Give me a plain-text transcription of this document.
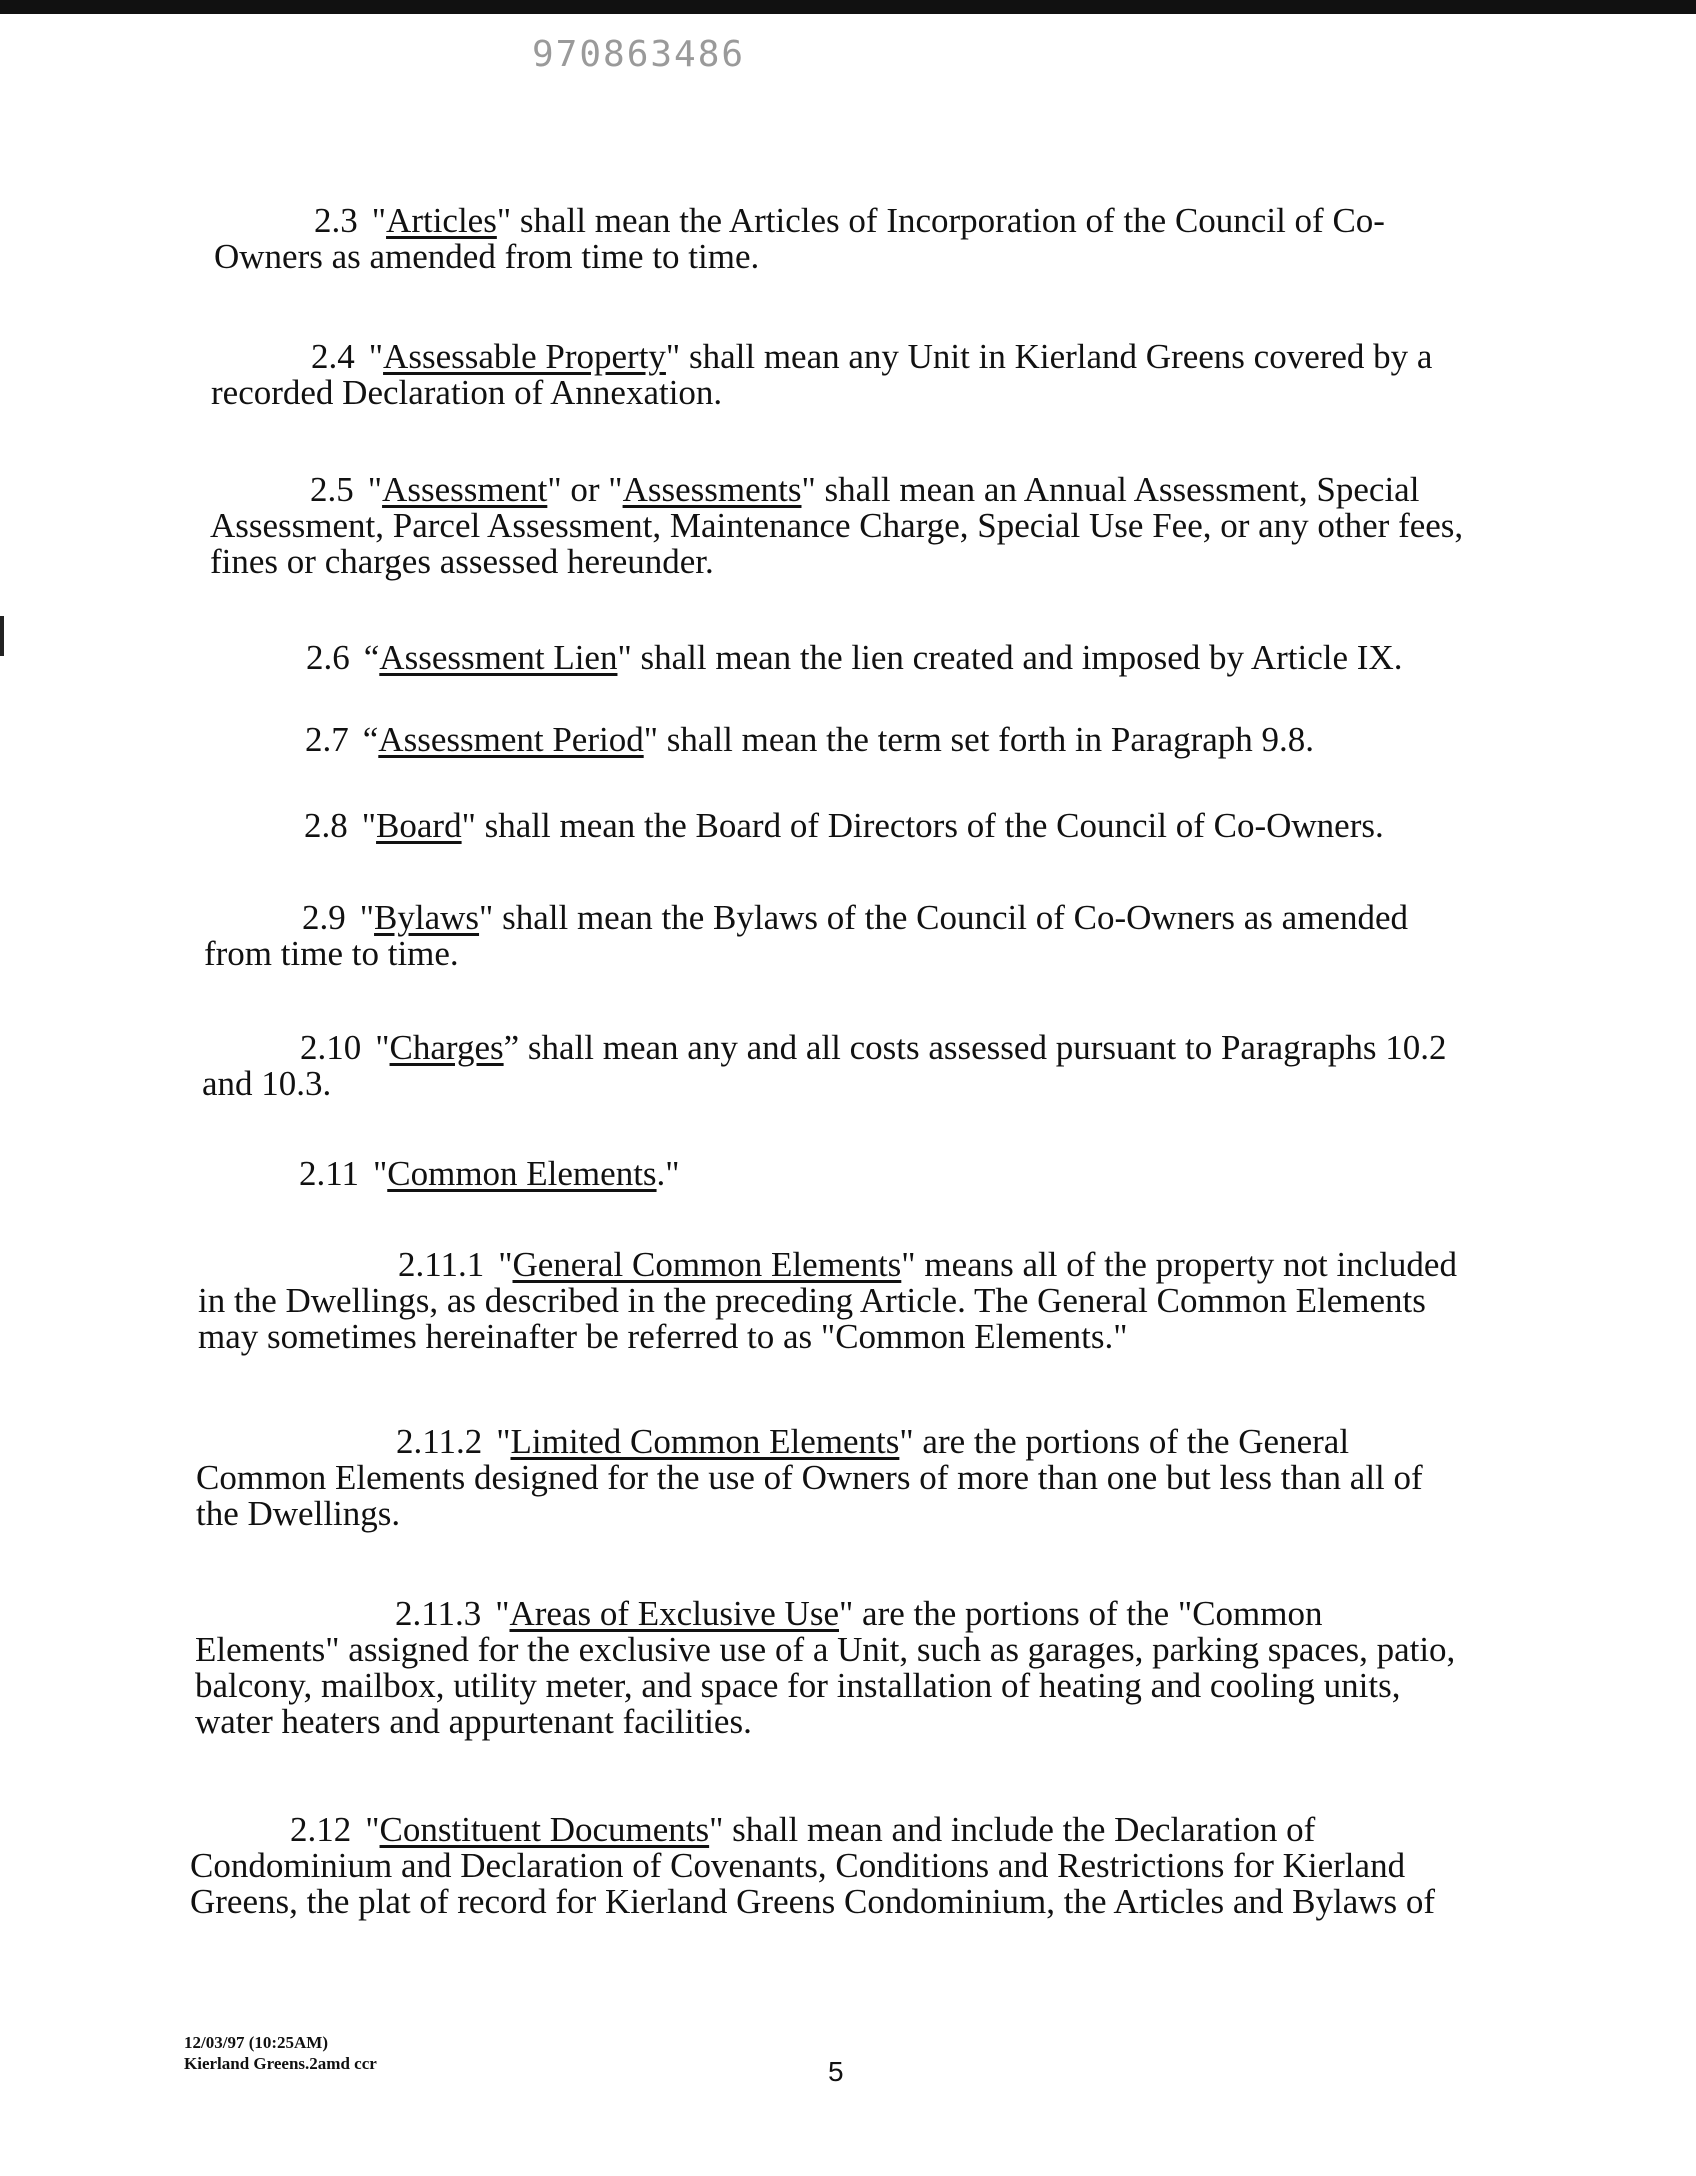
970863486
2.3 "Articles" shall mean the Articles of Incorporation of the Council of Co-
Owners as amended from time to time.
2.4 "Assessable Property" shall mean any Unit in Kierland Greens covered by a
recorded Declaration of Annexation.
2.5 "Assessment" or "Assessments" shall mean an Annual Assessment, Special
Assessment, Parcel Assessment, Maintenance Charge, Special Use Fee, or any other fees,
fines or charges assessed hereunder.
2.6 “Assessment Lien" shall mean the lien created and imposed by Article IX.
2.7 “Assessment Period" shall mean the term set forth in Paragraph 9.8.
2.8 "Board" shall mean the Board of Directors of the Council of Co-Owners.
2.9 "Bylaws" shall mean the Bylaws of the Council of Co-Owners as amended
from time to time.
2.10 "Charges” shall mean any and all costs assessed pursuant to Paragraphs 10.2
and 10.3.
2.11 "Common Elements."
2.11.1 "General Common Elements" means all of the property not included
in the Dwellings, as described in the preceding Article. The General Common Elements
may sometimes hereinafter be referred to as "Common Elements."
2.11.2 "Limited Common Elements" are the portions of the General
Common Elements designed for the use of Owners of more than one but less than all of
the Dwellings.
2.11.3 "Areas of Exclusive Use" are the portions of the "Common
Elements" assigned for the exclusive use of a Unit, such as garages, parking spaces, patio,
balcony, mailbox, utility meter, and space for installation of heating and cooling units,
water heaters and appurtenant facilities.
2.12 "Constituent Documents" shall mean and include the Declaration of
Condominium and Declaration of Covenants, Conditions and Restrictions for Kierland
Greens, the plat of record for Kierland Greens Condominium, the Articles and Bylaws of
12/03/97 (10:25AM)
Kierland Greens.2amd ccr	5
